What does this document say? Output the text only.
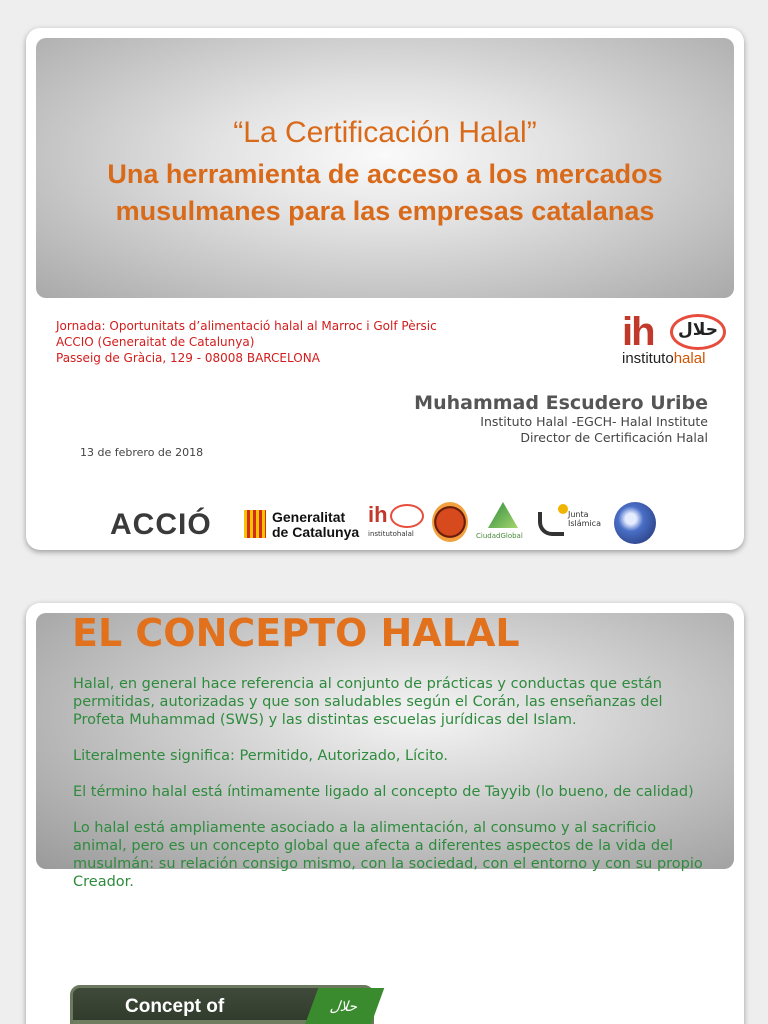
“La Certificación Halal”
Una herramienta de acceso a los mercados musulmanes para las empresas catalanas
Jornada: Oportunitats d’alimentació halal al Marroc i Golf Pèrsic
ACCIO (Generaitat de Catalunya)
Passeig de Gràcia, 129 - 08008 BARCELONA
ih حلال
institutohalal
Muhammad Escudero Uribe
Instituto Halal -EGCH- Halal Institute
Director de Certificación Halal
13 de febrero de 2018
ACCIÓ	Generalitat
de Catalunya
ih
institutohalal	CiudadGlobal
Junta Islámica
EL CONCEPTO HALAL

Halal, en general hace referencia al conjunto de prácticas y conductas que están permitidas, autorizadas y que son saludables según el Corán, las enseñanzas del Profeta Muhammad (SWS) y las distintas escuelas jurídicas del Islam.

Literalmente significa: Permitido, Autorizado, Lícito.

El término halal está íntimamente ligado al concepto de Tayyib (lo bueno, de calidad)

Lo halal está ampliamente asociado a la alimentación, al consumo y al sacrificio animal, pero es un concepto global que afecta a diferentes aspectos de la vida del musulmán: su relación consigo mismo, con la sociedad, con el entorno y con su propio Creador.

Concept of	حلال
